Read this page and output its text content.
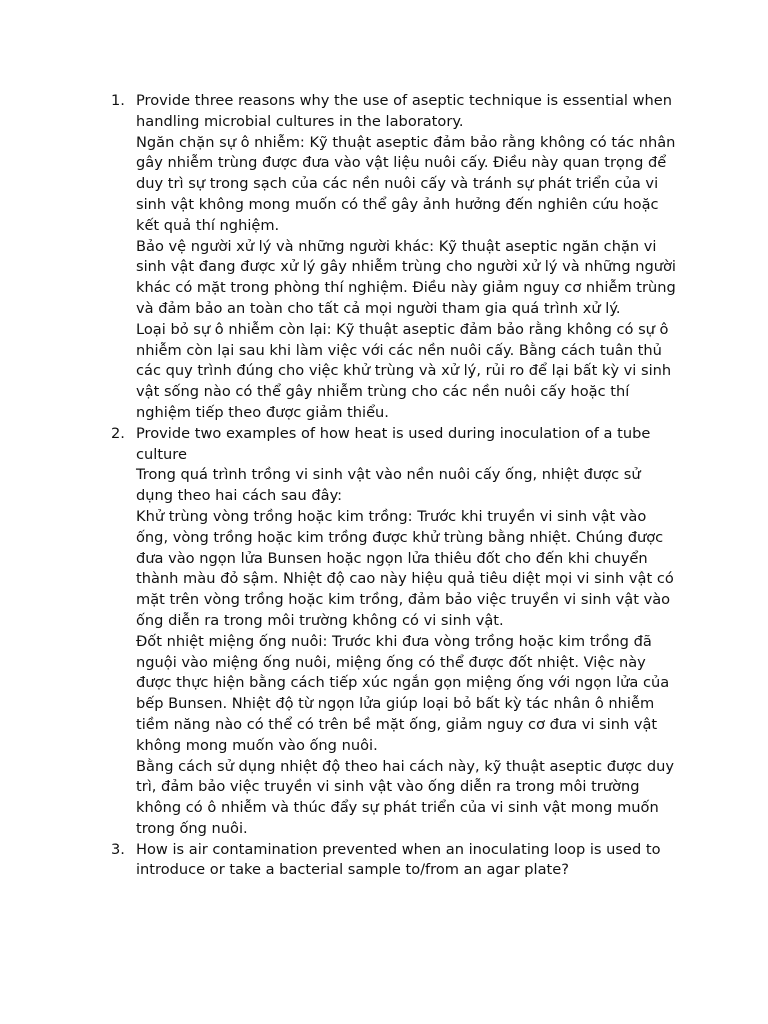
1. Provide three reasons why the use of aseptic technique is essential when handling microbial cultures in the laboratory.

Ngăn chặn sự ô nhiễm: Kỹ thuật aseptic đảm bảo rằng không có tác nhân gây nhiễm trùng được đưa vào vật liệu nuôi cấy. Điều này quan trọng để duy trì sự trong sạch của các nền nuôi cấy và tránh sự phát triển của vi sinh vật không mong muốn có thể gây ảnh hưởng đến nghiên cứu hoặc kết quả thí nghiệm.

Bảo vệ người xử lý và những người khác: Kỹ thuật aseptic ngăn chặn vi sinh vật đang được xử lý gây nhiễm trùng cho người xử lý và những người khác có mặt trong phòng thí nghiệm. Điều này giảm nguy cơ nhiễm trùng và đảm bảo an toàn cho tất cả mọi người tham gia quá trình xử lý.

Loại bỏ sự ô nhiễm còn lại: Kỹ thuật aseptic đảm bảo rằng không có sự ô nhiễm còn lại sau khi làm việc với các nền nuôi cấy. Bằng cách tuân thủ các quy trình đúng cho việc khử trùng và xử lý, rủi ro để lại bất kỳ vi sinh vật sống nào có thể gây nhiễm trùng cho các nền nuôi cấy hoặc thí nghiệm tiếp theo được giảm thiểu.

2. Provide two examples of how heat is used during inoculation of a tube culture

Trong quá trình trồng vi sinh vật vào nền nuôi cấy ống, nhiệt được sử dụng theo hai cách sau đây:

Khử trùng vòng trồng hoặc kim trồng: Trước khi truyền vi sinh vật vào ống, vòng trồng hoặc kim trồng được khử trùng bằng nhiệt. Chúng được đưa vào ngọn lửa Bunsen hoặc ngọn lửa thiêu đốt cho đến khi chuyển thành màu đỏ sậm. Nhiệt độ cao này hiệu quả tiêu diệt mọi vi sinh vật có mặt trên vòng trồng hoặc kim trồng, đảm bảo việc truyền vi sinh vật vào ống diễn ra trong môi trường không có vi sinh vật.

Đốt nhiệt miệng ống nuôi: Trước khi đưa vòng trồng hoặc kim trồng đã nguội vào miệng ống nuôi, miệng ống có thể được đốt nhiệt. Việc này được thực hiện bằng cách tiếp xúc ngắn gọn miệng ống với ngọn lửa của bếp Bunsen. Nhiệt độ từ ngọn lửa giúp loại bỏ bất kỳ tác nhân ô nhiễm tiềm năng nào có thể có trên bề mặt ống, giảm nguy cơ đưa vi sinh vật không mong muốn vào ống nuôi.

Bằng cách sử dụng nhiệt độ theo hai cách này, kỹ thuật aseptic được duy trì, đảm bảo việc truyền vi sinh vật vào ống diễn ra trong môi trường không có ô nhiễm và thúc đẩy sự phát triển của vi sinh vật mong muốn trong ống nuôi.

3. How is air contamination prevented when an inoculating loop is used to introduce or take a bacterial sample to/from an agar plate?
